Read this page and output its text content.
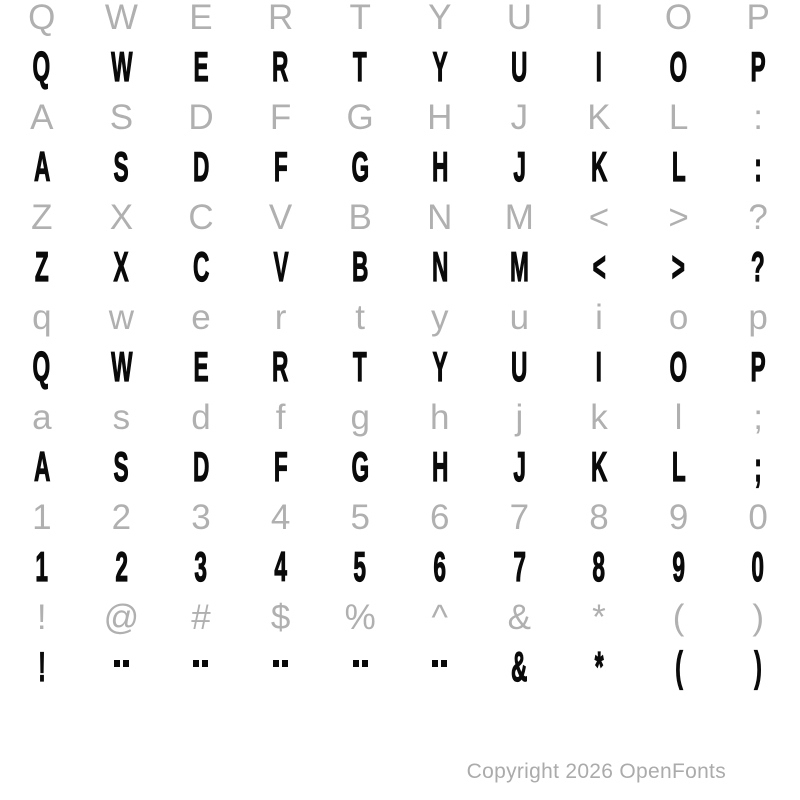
Q W E R T Y U I O P
Q W E R T Y U I O P
A S D F G H J K L :
A S D F G H J K L :
Z X C V B N M < > ?
Z X C V B N M < > ?
q w e r t y u i o p
Q W E R T Y U I O P
a s d f g h j k l ;
A S D F G H J K L ;
1 2 3 4 5 6 7 8 9 0
1 2 3 4 5 6 7 8 9 0
! @ # $ % ^ & * ( )
!	& * ( )
Copyright 2026 OpenFonts
